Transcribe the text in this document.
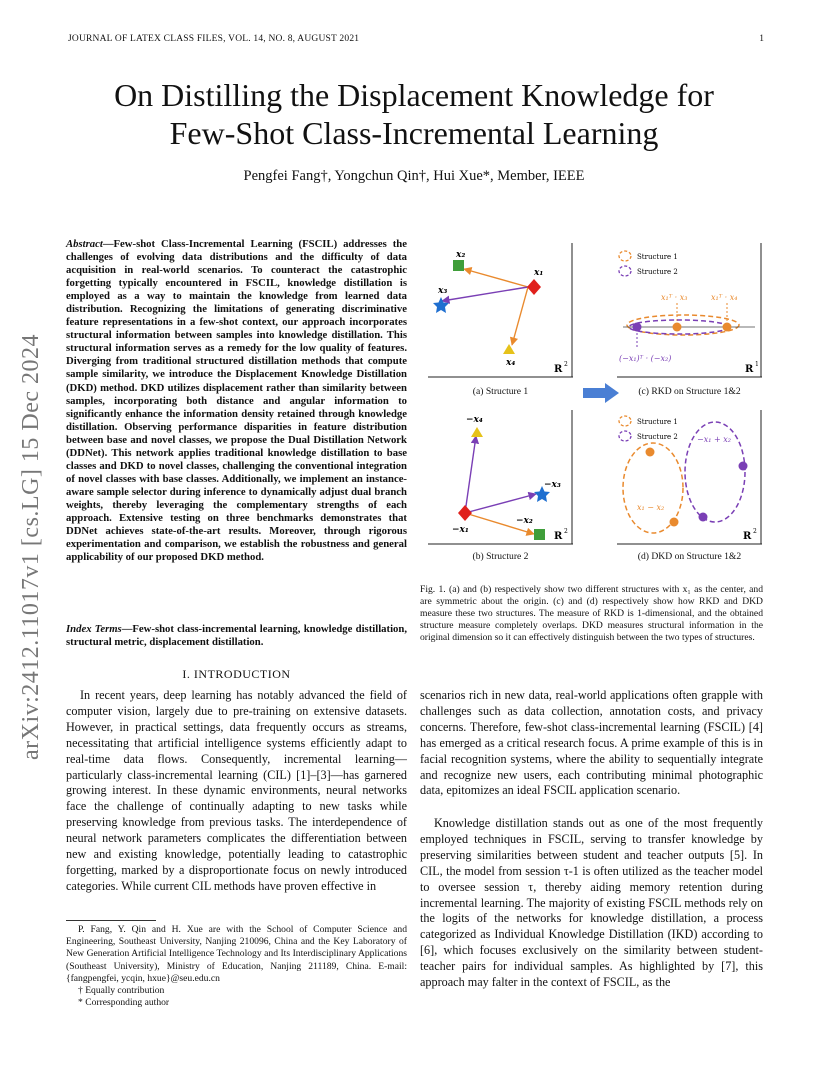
JOURNAL OF LATEX CLASS FILES, VOL. 14, NO. 8, AUGUST 2021	1
On Distilling the Displacement Knowledge for
Few-Shot Class-Incremental Learning
Pengfei Fang†, Yongchun Qin†, Hui Xue*, Member, IEEE
arXiv:2412.11017v1 [cs.LG] 15 Dec 2024
Abstract—Few-shot Class-Incremental Learning (FSCIL) addresses the challenges of evolving data distributions and the difficulty of data acquisition in real-world scenarios. To counteract the catastrophic forgetting typically encountered in FSCIL, knowledge distillation is employed as a way to maintain the knowledge from learned data distribution. Recognizing the limitations of generating discriminative feature representations in a few-shot context, our approach incorporates structural information between samples into knowledge distillation. This structural information serves as a remedy for the low quality of features. Diverging from traditional structured distillation methods that compute sample similarity, we introduce the Displacement Knowledge Distillation (DKD) method. DKD utilizes displacement rather than similarity between samples, incorporating both distance and angular information to significantly enhance the information density retained through knowledge distillation. Observing performance disparities in feature distribution between base and novel classes, we propose the Dual Distillation Network (DDNet). This network applies traditional knowledge distillation to base classes and DKD to novel classes, challenging the conventional integration of novel classes with base classes. Additionally, we implement an instance-aware sample selector during inference to dynamically adjust dual branch weights, thereby leveraging the complementary strengths of each approach. Extensive testing on three benchmarks demonstrates that DDNet achieves state-of-the-art results. Moreover, through rigorous experimentation and comparison, we establish the robustness and general applicability of our proposed DKD method.
Index Terms—Few-shot class-incremental learning, knowledge distillation, structural metric, displacement distillation.
I. INTRODUCTION

In recent years, deep learning has notably advanced the field of computer vision, largely due to pre-training on extensive datasets. However, in practical settings, data frequently occurs as streams, necessitating that artificial intelligence systems efficiently adapt to real-time data flows. Consequently, incremental learning—particularly class-incremental learning (CIL) [1]–[3]—has garnered growing interest. In these dynamic environments, neural networks face the challenge of continually adapting to new tasks while preserving knowledge from previous tasks. The interdependence of neural network parameters complicates the differentiation between new and existing knowledge, potentially leading to catastrophic forgetting, marked by a disproportionate focus on newly introduced categories. While current CIL methods have proven effective in

scenarios rich in new data, real-world applications often grapple with challenges such as data collection, annotation costs, and privacy concerns. Therefore, few-shot class-incremental learning (FSCIL) [4] has emerged as a critical research focus. A prime example of this is in facial recognition systems, where the ability to sequentially integrate and recognize new users, each contributing minimal photographic data, epitomizes an ideal FSCIL application scenario.
Knowledge distillation stands out as one of the most frequently employed techniques in FSCIL, serving to transfer knowledge by preserving similarities between student and teacher outputs [5]. In CIL, the model from session τ-1 is often utilized as the teacher model to oversee session τ, thereby aiding memory retention during incremental learning. The majority of existing FSCIL methods rely on the logits of the networks for knowledge distillation, a process categorized as Individual Knowledge Distillation (IKD) according to [6], which focuses exclusively on the similarity between student-teacher pairs for individual samples. As highlighted by [7], this approach may falter in the context of FSCIL, as the
P. Fang, Y. Qin and H. Xue are with the School of Computer Science and Engineering, Southeast University, Nanjing 210096, China and the Key Laboratory of New Generation Artificial Intelligence Technology and Its Interdisciplinary Applications (Southeast University), Ministry of Education, Nanjing 211189, China. E-mail: {fangpengfei, ycqin, hxue}@seu.edu.cn
† Equally contribution
* Corresponding author
x₂
x₁
x₃
x₄
R 2
(a) Structure 1
Structure 1
Structure 2
x₁ᵀ · x₃	x₁ᵀ · x₄
(−x₁)ᵀ · (−x₂)
R 1
(c) RKD on Structure 1&2
−x₄
−x₃
−x₂
−x₁
R 2
(b) Structure 2
Structure 1
Structure 2 −x₁ + x₂
x₁ − x₂
R 2
(d) DKD on Structure 1&2
Fig. 1. (a) and (b) respectively show two different structures with x₁ as the center, and are symmetric about the origin. (c) and (d) respectively show how RKD and DKD measure these two structures. The measure of RKD is 1-dimensional, and the obtained structure measure completely overlaps. DKD measures structural information in the original dimension so it can effectively distinguish between the two types of structures.
